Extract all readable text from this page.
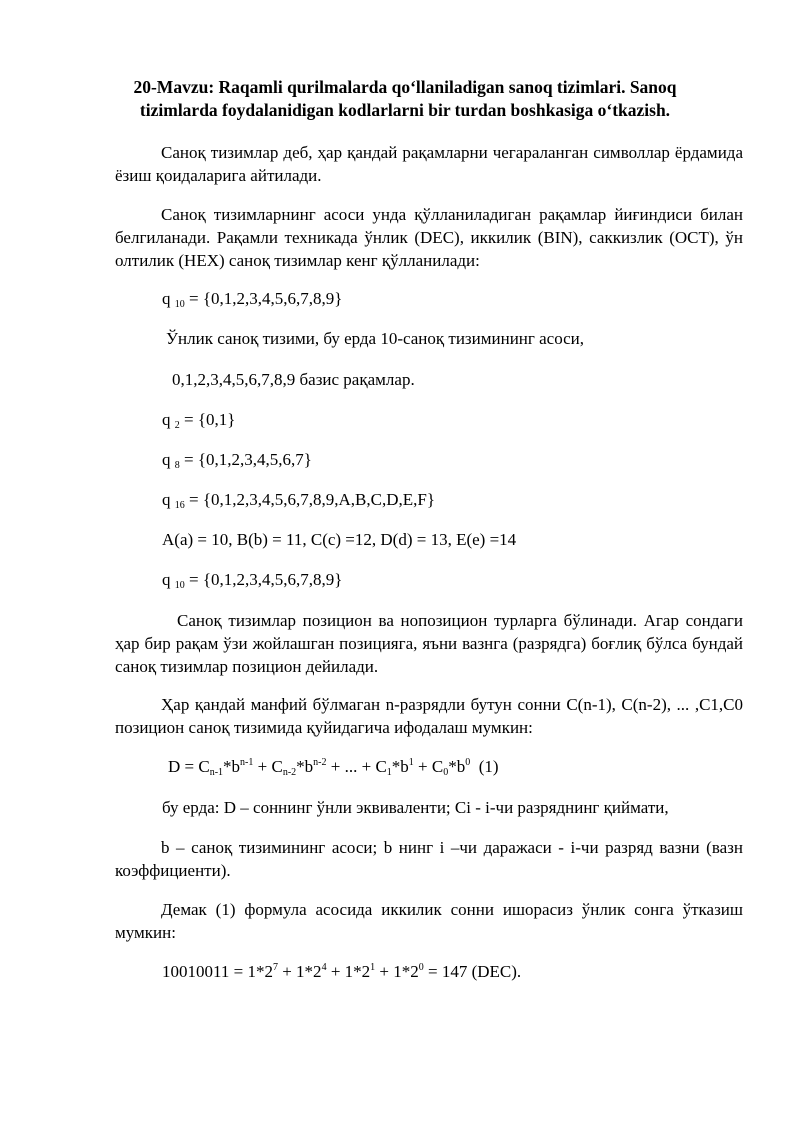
20-Mavzu: Raqamli qurilmalarda qo‘llaniladigan sanoq tizimlari. Sanoq tizimlarda foydalanidigan kodlarlarni bir turdan boshkasiga o‘tkazish.
Саноқ тизимлар деб, ҳар қандай рақамларни чегараланган символлар ёрдамида ёзиш қоидаларига айтилади.
Саноқ тизимларнинг асоси унда қўлланиладиган рақамлар йиғиндиси билан белгиланади. Рақамли техникада ўнлик (DEC), иккилик (BIN), саккизлик (OCT), ўн олтилик (HEX) саноқ тизимлар кенг қўлланилади:
q $_{10}$ = {0,1,2,3,4,5,6,7,8,9}
Ўнлик саноқ тизими, бу ерда 10-саноқ тизимининг асоси,
0,1,2,3,4,5,6,7,8,9 базис рақамлар.
q $_2$ = {0,1}
q $_8$ = {0,1,2,3,4,5,6,7}
q $_{16}$ = {0,1,2,3,4,5,6,7,8,9,A,B,C,D,E,F}
A(a) = 10, B(b) = 11, C(c) =12, D(d) = 13, E(e) =14
q $_{10}$ = {0,1,2,3,4,5,6,7,8,9}
Саноқ тизимлар позицион ва нопозицион турларга бўлинади. Агар сондаги ҳар бир рақам ўзи жойлашган позицияга, яъни вазнга (разрядга) боғлиқ бўлса бундай саноқ тизимлар позицион дейилади.
Ҳар қандай манфий бўлмаган n-разрядли бутун сонни C(n-1), C(n-2), ... ,C1,C0 позицион саноқ тизимида қуйидагича ифодалаш мумкин:
$D = C_{n-1}*b^{n-1} + C_{n-2}*b^{n-2}$ + ... + $C_1*b^1 + C_0*b^0$  (1)
бу ерда: D – соннинг ўнли эквиваленти; Ci - i-чи разряднинг қиймати,
b – саноқ тизимининг асоси; b нинг i –чи даражаси - i-чи разряд вазни (вазн коэффициенти).
Демак (1) формула асосида иккилик сонни ишорасиз ўнлик сонга ўтказиш мумкин:
$10010011 = 1*2^7 + 1*2^4 + 1*2^1 + 1*2^0 = 147$ (DEC).
